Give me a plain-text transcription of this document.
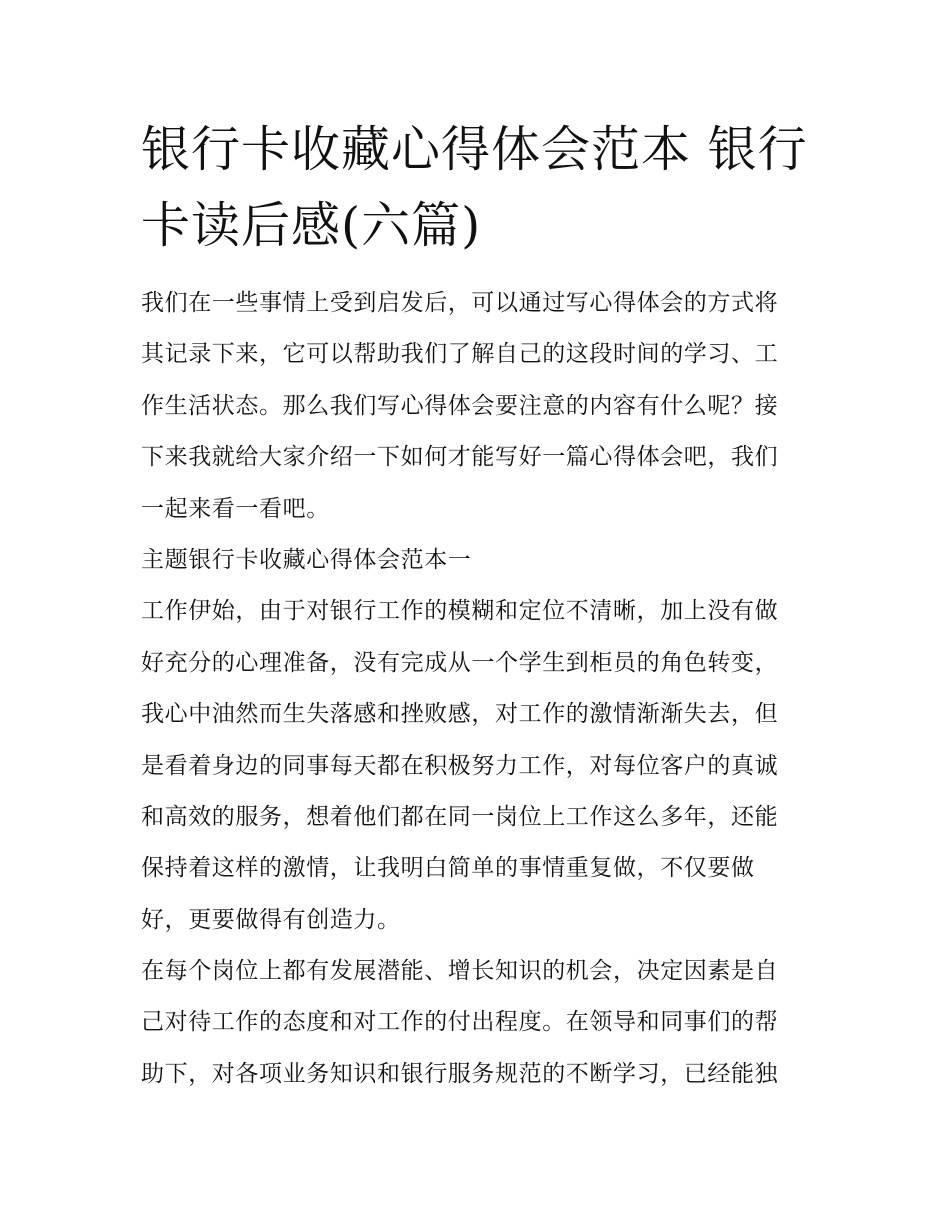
银行卡收藏心得体会范本 银行
卡读后感(六篇)

我们在一些事情上受到启发后，可以通过写心得体会的方式将
其记录下来，它可以帮助我们了解自己的这段时间的学习、工
作生活状态。那么我们写心得体会要注意的内容有什么呢？接
下来我就给大家介绍一下如何才能写好一篇心得体会吧，我们
一起来看一看吧。

主题银行卡收藏心得体会范本一

工作伊始，由于对银行工作的模糊和定位不清晰，加上没有做
好充分的心理准备，没有完成从一个学生到柜员的角色转变，
我心中油然而生失落感和挫败感，对工作的激情渐渐失去，但
是看着身边的同事每天都在积极努力工作，对每位客户的真诚
和高效的服务，想着他们都在同一岗位上工作这么多年，还能
保持着这样的激情，让我明白简单的事情重复做，不仅要做
好，更要做得有创造力。

在每个岗位上都有发展潜能、增长知识的机会，决定因素是自
己对待工作的态度和对工作的付出程度。在领导和同事们的帮
助下，对各项业务知识和银行服务规范的不断学习，已经能独
